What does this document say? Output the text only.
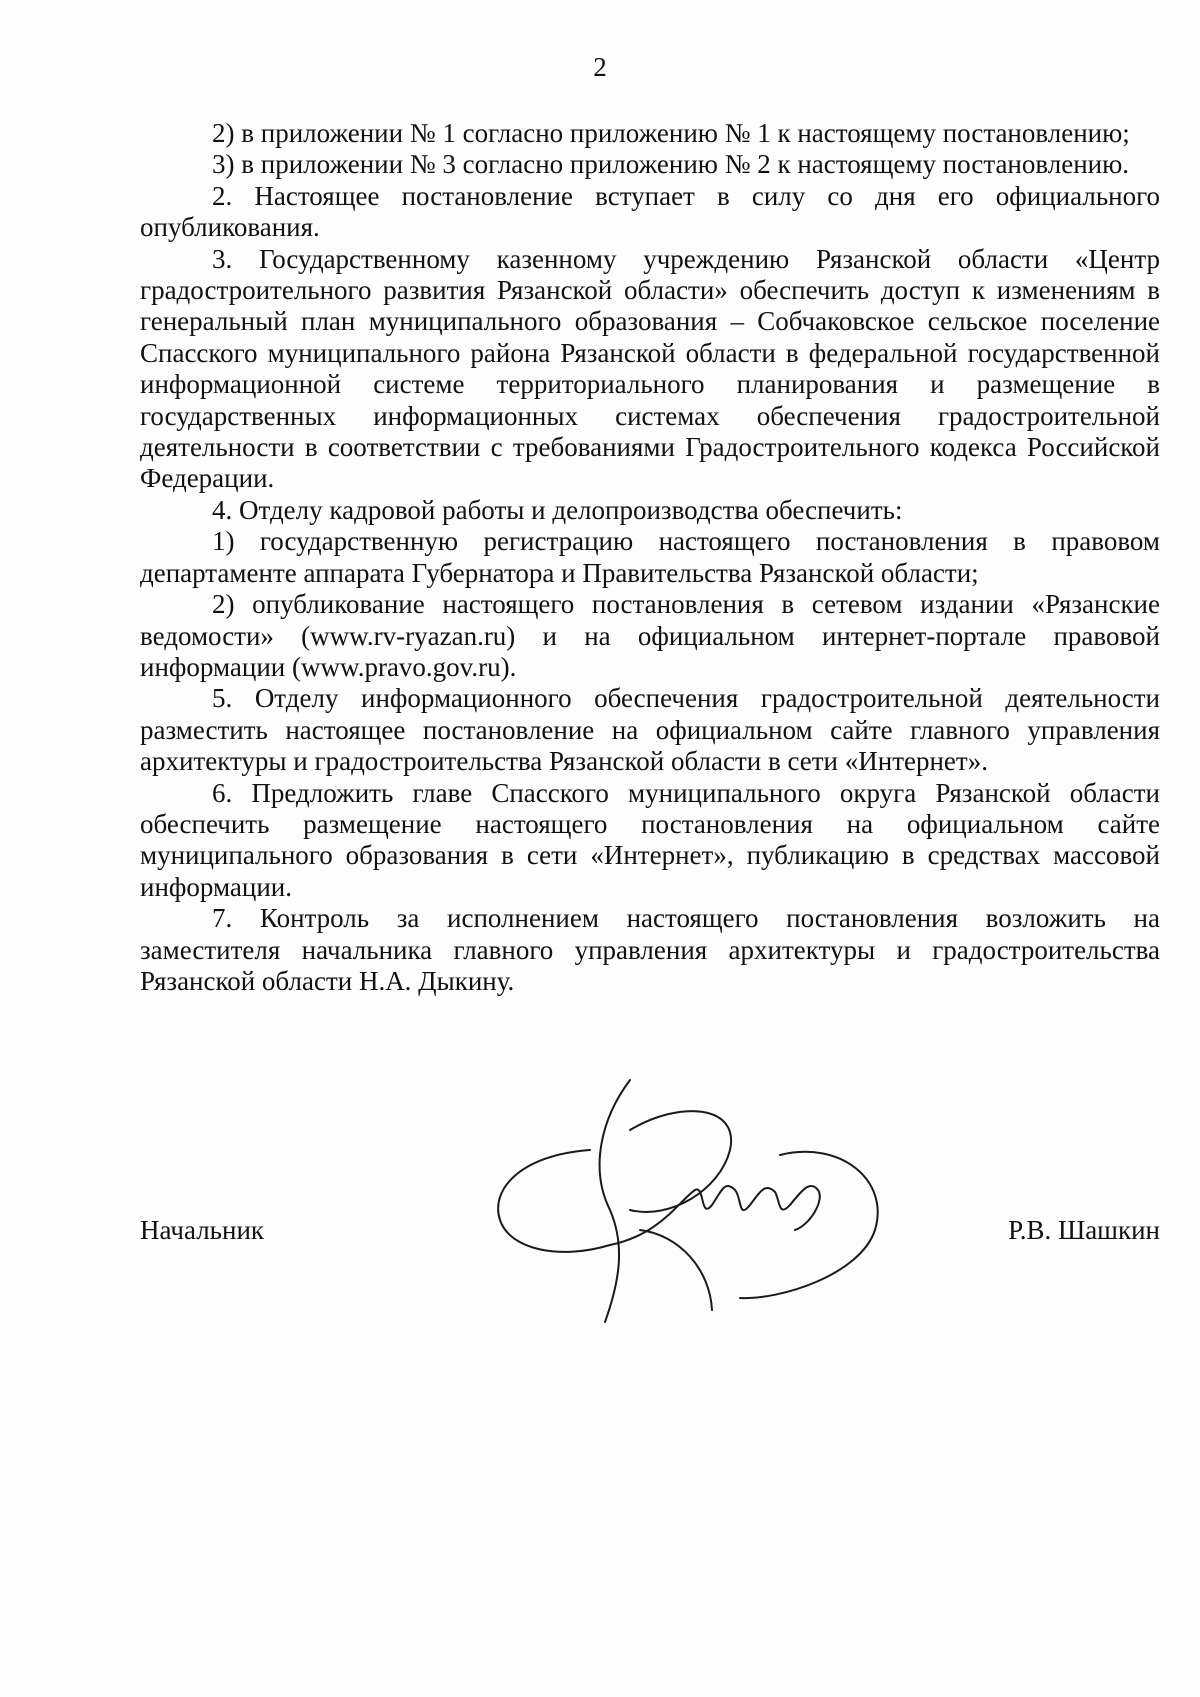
2

2) в приложении № 1 согласно приложению № 1 к настоящему постановлению;

3) в приложении № 3 согласно приложению № 2 к настоящему постановлению.

2. Настоящее постановление вступает в силу со дня его официального опубликования.

3. Государственному казенному учреждению Рязанской области «Центр градостроительного развития Рязанской области» обеспечить доступ к изменениям в генеральный план муниципального образования – Собчаковское сельское поселение Спасского муниципального района Рязанской области в федеральной государственной информационной системе территориального планирования и размещение в государственных информационных системах обеспечения градостроительной деятельности в соответствии с требованиями Градостроительного кодекса Российской Федерации.

4. Отделу кадровой работы и делопроизводства обеспечить:

1) государственную регистрацию настоящего постановления в правовом департаменте аппарата Губернатора и Правительства Рязанской области;

2) опубликование настоящего постановления в сетевом издании «Рязанские ведомости» (www.rv-ryazan.ru) и на официальном интернет-портале правовой информации (www.pravo.gov.ru).

5. Отделу информационного обеспечения градостроительной деятельности разместить настоящее постановление на официальном сайте главного управления архитектуры и градостроительства Рязанской области в сети «Интернет».

6. Предложить главе Спасского муниципального округа Рязанской области обеспечить размещение настоящего постановления на официальном сайте муниципального образования в сети «Интернет», публикацию в средствах массовой информации.

7. Контроль за исполнением настоящего постановления возложить на заместителя начальника главного управления архитектуры и градостроительства Рязанской области Н.А. Дыкину.

Начальник	Р.В. Шашкин
